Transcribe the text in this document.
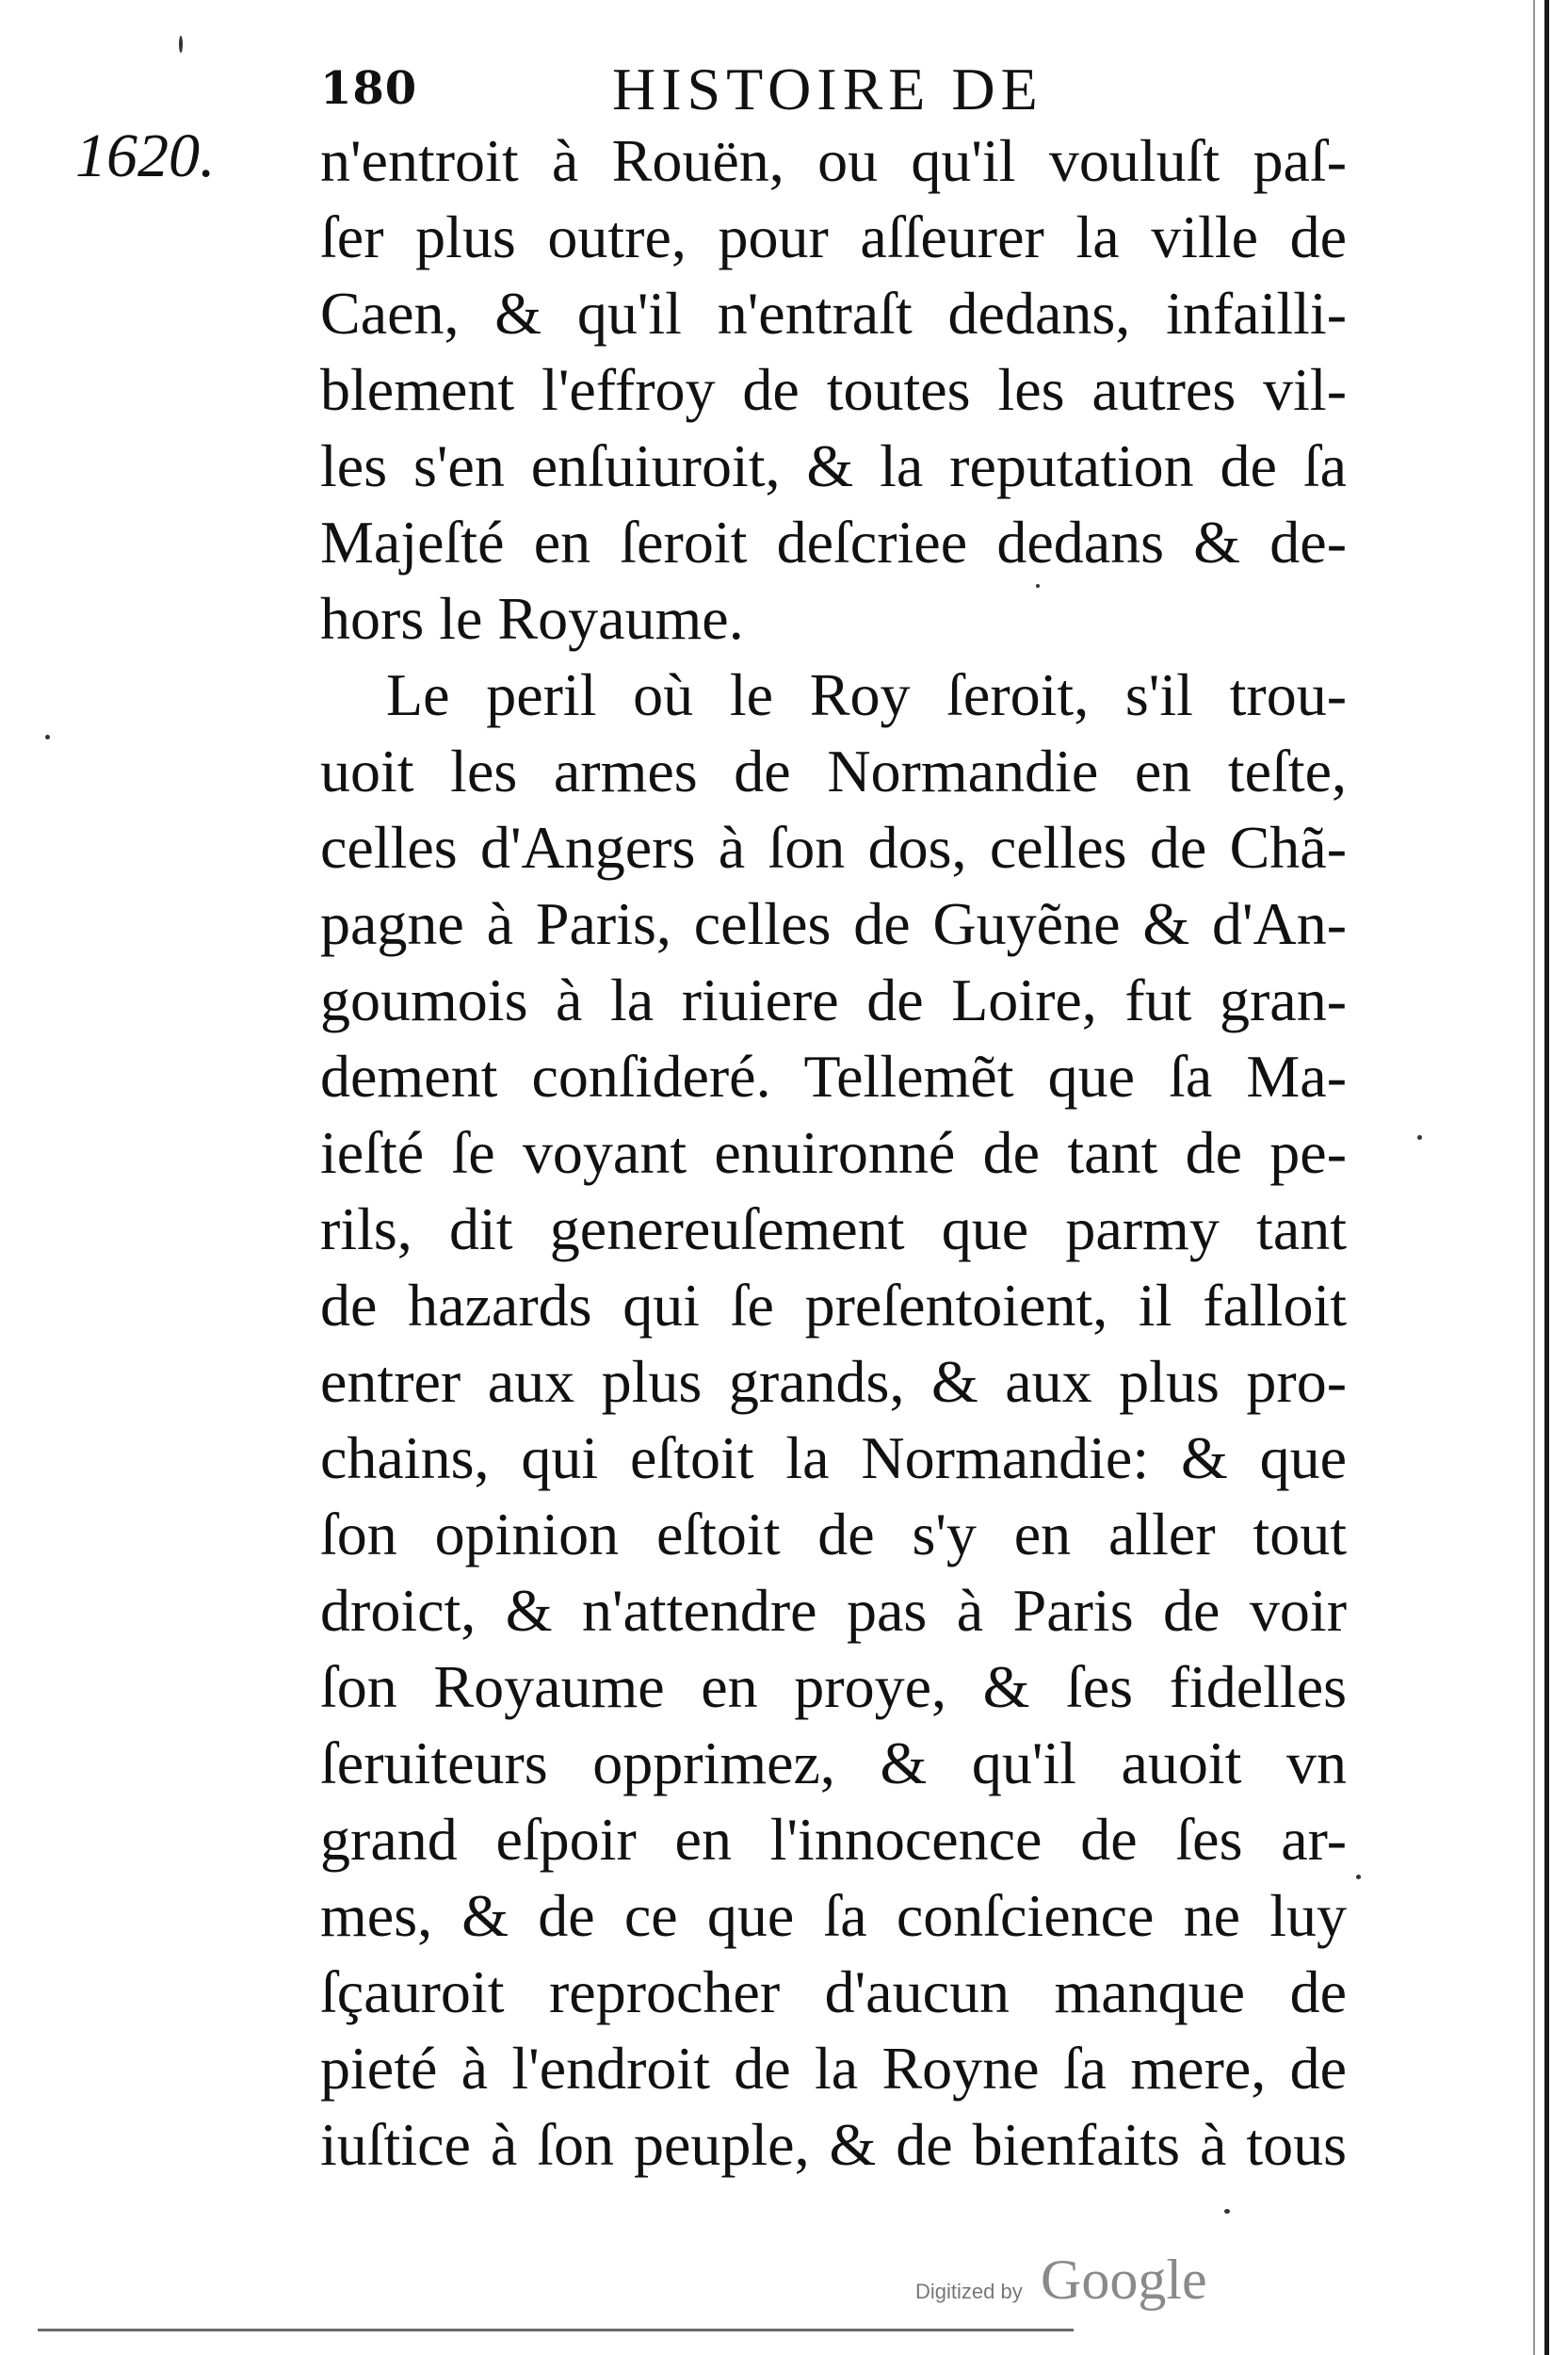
180	HISTOIRE DE
1620. n'entroit à Rouën, ou qu'il vouluſt paſ-
ſer plus outre, pour aſſeurer la ville de
Caen, & qu'il n'entraſt dedans, infailli-
blement l'effroy de toutes les autres vil-
les s'en enſuiuroit, & la reputation de ſa
Majeſté en ſeroit deſcriee dedans & de-
hors le Royaume.
Le peril où le Roy ſeroit, s'il trou-
uoit les armes de Normandie en teſte,
celles d'Angers à ſon dos, celles de Chã-
pagne à Paris, celles de Guyẽne & d'An-
goumois à la riuiere de Loire, fut gran-
dement conſideré. Tellemẽt que ſa Ma-
ieſté ſe voyant enuironné de tant de pe-
rils, dit genereuſement que parmy tant
de hazards qui ſe preſentoient, il falloit
entrer aux plus grands, & aux plus pro-
chains, qui eſtoit la Normandie: & que
ſon opinion eſtoit de s'y en aller tout
droict, & n'attendre pas à Paris de voir
ſon Royaume en proye, & ſes fidelles
ſeruiteurs opprimez, & qu'il auoit vn
grand eſpoir en l'innocence de ſes ar-
mes, & de ce que ſa conſcience ne luy
ſçauroit reprocher d'aucun manque de
pieté à l'endroit de la Royne ſa mere, de
iuſtice à ſon peuple, & de bienfaits à tous
Digitized by Google
